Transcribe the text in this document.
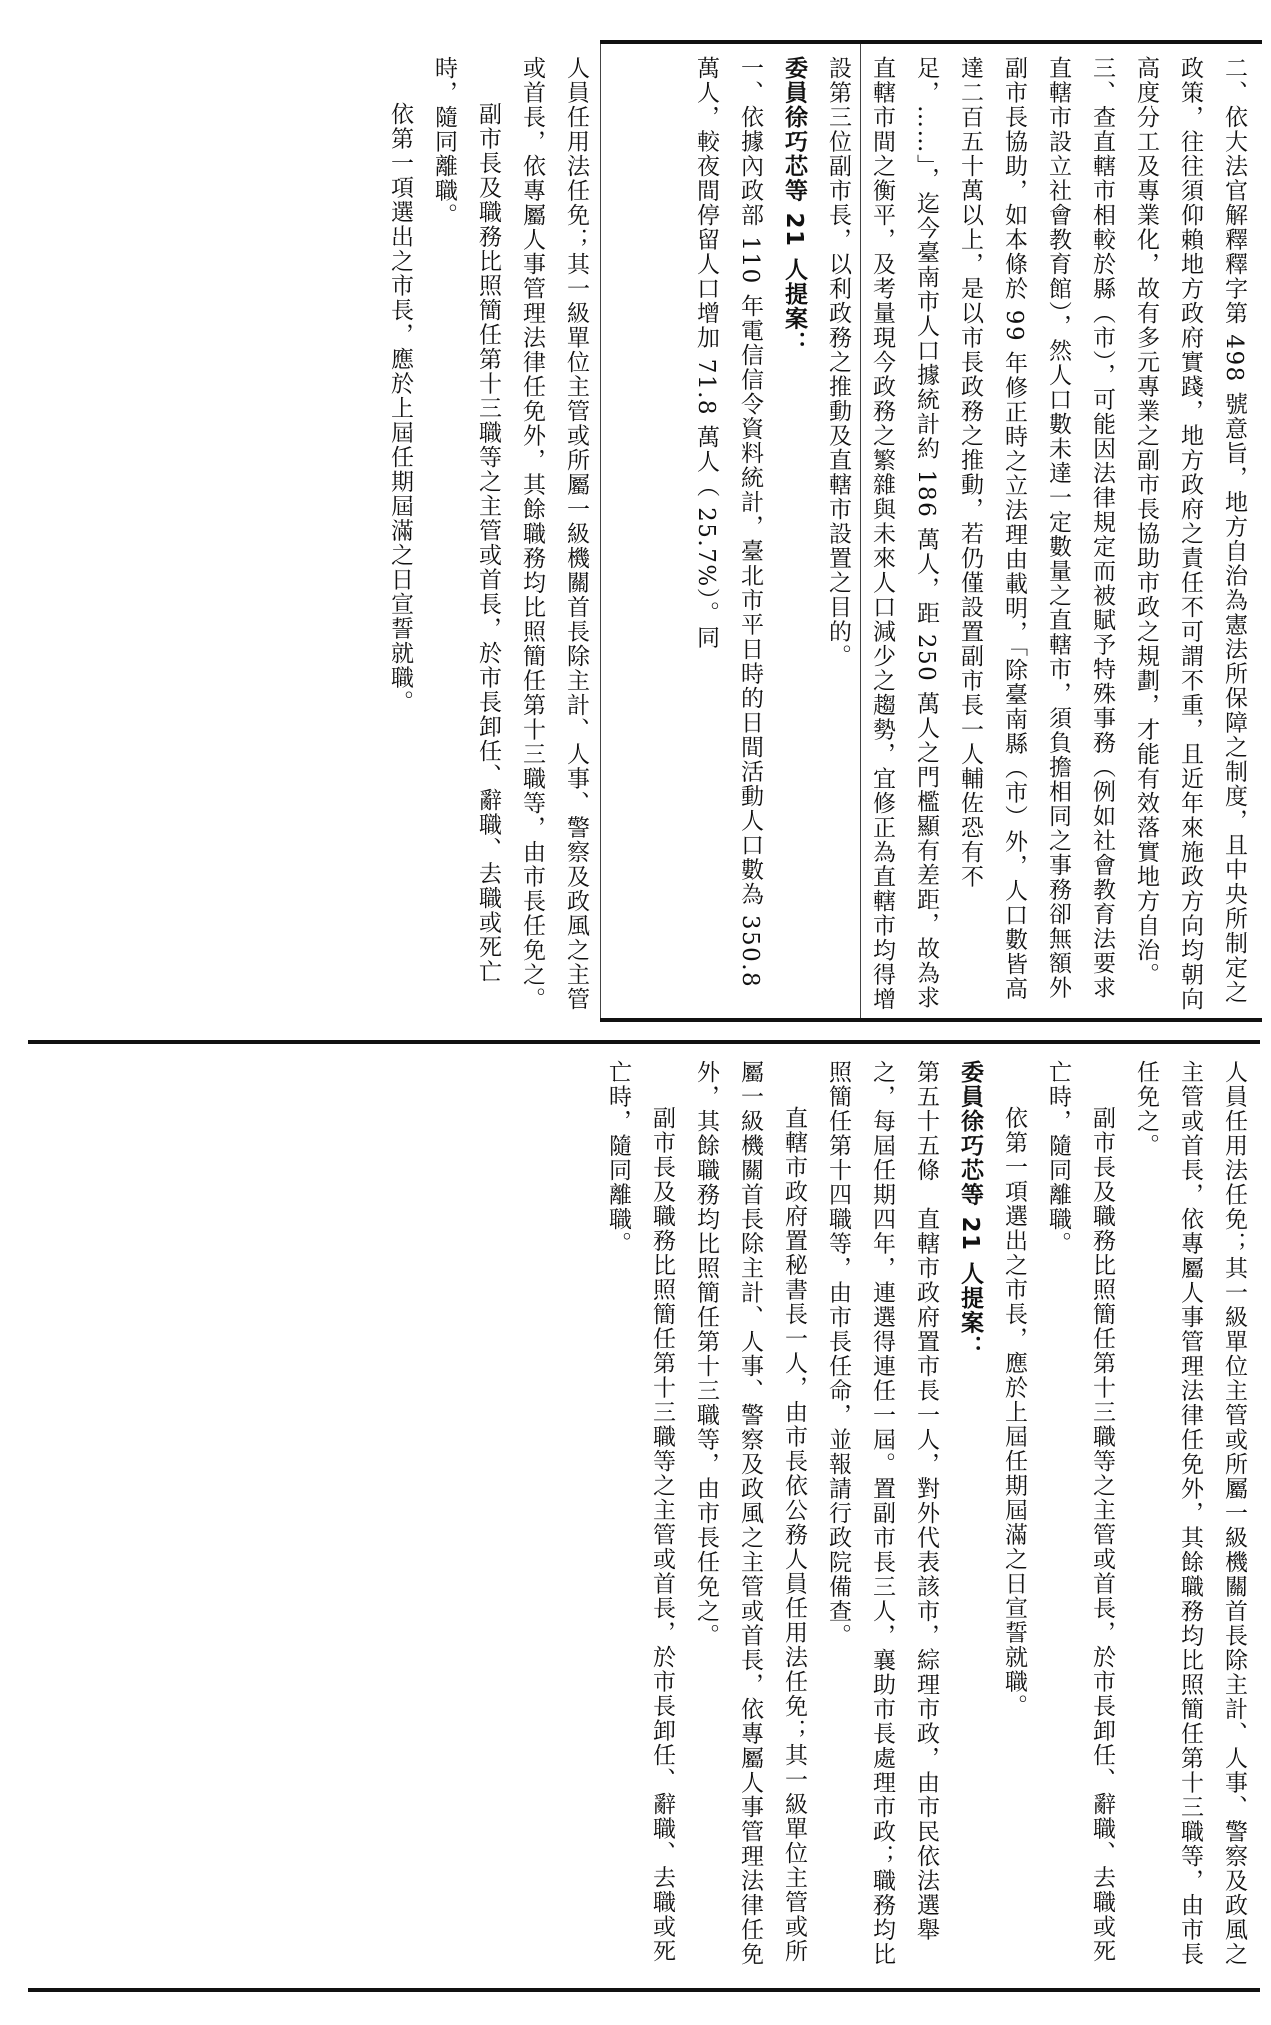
二、依大法官解釋釋字第 498 號意旨，地方自治為憲法所保障之制度，且中央所制定之政策，往往須仰賴地方政府實踐，地方政府之責任不可謂不重，且近年來施政方向均朝向高度分工及專業化，故有多元專業之副市長協助市政之規劃，才能有效落實地方自治。

三、查直轄市相較於縣（市），可能因法律規定而被賦予特殊事務（例如社會教育法要求直轄市設立社會教育館），然人口數未達一定數量之直轄市，須負擔相同之事務卻無額外副市長協助，如本條於 99 年修正時之立法理由載明，「除臺南縣（市）外，人口數皆高達二百五十萬以上，是以市長政務之推動，若仍僅設置副市長一人輔佐恐有不足，……」，迄今臺南市人口據統計約 186 萬人，距 250 萬人之門檻顯有差距，故為求直轄市間之衡平，及考量現今政務之繁雜與未來人口減少之趨勢，宜修正為直轄市均得增設第三位副市長，以利政務之推動及直轄市設置之目的。

委員徐巧芯等 21 人提案：

一、依據內政部 110 年電信信令資料統計，臺北市平日時的日間活動人口數為 350.8 萬人，較夜間停留人口增加 71.8 萬人（ 25.7%）。同

人員任用法任免；其一級單位主管或所屬一級機關首長除主計、人事、警察及政風之主管或首長，依專屬人事管理法律任免外，其餘職務均比照簡任第十三職等，由市長任免之。

副市長及職務比照簡任第十三職等之主管或首長，於市長卸任、辭職、去職或死亡時，隨同離職。

依第一項選出之市長，應於上屆任期屆滿之日宣誓就職。

人員任用法任免；其一級單位主管或所屬一級機關首長除主計、人事、警察及政風之主管或首長，依專屬人事管理法律任免外，其餘職務均比照簡任第十三職等，由市長任免之。

副市長及職務比照簡任第十三職等之主管或首長，於市長卸任、辭職、去職或死亡時，隨同離職。

依第一項選出之市長，應於上屆任期屆滿之日宣誓就職。

委員徐巧芯等 21 人提案：

第五十五條　直轄市政府置市長一人，對外代表該市，綜理市政，由市民依法選舉之，每屆任期四年，連選得連任一屆。置副市長三人，襄助市長處理市政；職務均比照簡任第十四職等，由市長任命，並報請行政院備查。

直轄市政府置秘書長一人，由市長依公務人員任用法任免；其一級單位主管或所屬一級機關首長除主計、人事、警察及政風之主管或首長，依專屬人事管理法律任免外，其餘職務均比照簡任第十三職等，由市長任免之。

副市長及職務比照簡任第十三職等之主管或首長，於市長卸任、辭職、去職或死亡時，隨同離職。
